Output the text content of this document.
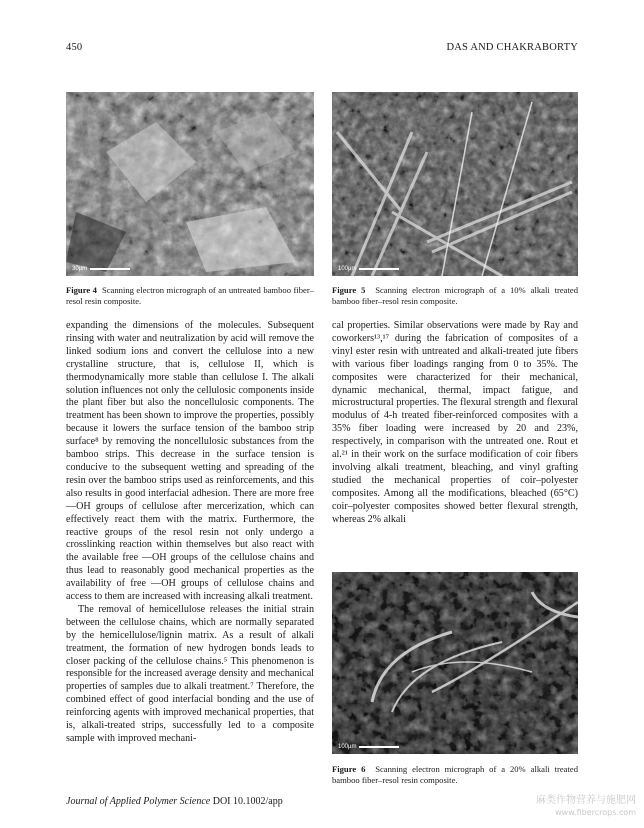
450	DAS AND CHAKRABORTY
30μm	100μm
Figure 4 Scanning electron micrograph of an untreated bamboo fiber–resol resin composite.
Figure 5 Scanning electron micrograph of a 10% alkali treated bamboo fiber–resol resin composite.

expanding the dimensions of the molecules. Subsequent rinsing with water and neutralization by acid will remove the linked sodium ions and convert the cellulose into a new crystalline structure, that is, cellulose II, which is thermodynamically more stable than cellulose I. The alkali solution influences not only the cellulosic components inside the plant fiber but also the noncellulosic components. The treatment has been shown to improve the properties, possibly because it lowers the surface tension of the bamboo strip surface⁸ by removing the noncellulosic substances from the bamboo strips. This decrease in the surface tension is conducive to the subsequent wetting and spreading of the resin over the bamboo strips used as reinforcements, and this also results in good interfacial adhesion. There are more free —OH groups of cellulose after mercerization, which can effectively react them with the matrix. Furthermore, the reactive groups of the resol resin not only undergo a crosslinking reaction within themselves but also react with the available free —OH groups of the cellulose chains and thus lead to reasonably good mechanical properties as the availability of free —OH groups of cellulose chains and access to them are increased with increasing alkali treatment.

The removal of hemicellulose releases the initial strain between the cellulose chains, which are normally separated by the hemicellulose/lignin matrix. As a result of alkali treatment, the formation of new hydrogen bonds leads to closer packing of the cellulose chains.⁵ This phenomenon is responsible for the increased average density and mechanical properties of samples due to alkali treatment.⁷ Therefore, the combined effect of good interfacial bonding and the use of reinforcing agents with improved mechanical properties, that is, alkali-treated strips, successfully led to a composite sample with improved mechani-

cal properties. Similar observations were made by Ray and coworkers¹³,¹⁷ during the fabrication of composites of a vinyl ester resin with untreated and alkali-treated jute fibers with various fiber loadings ranging from 0 to 35%. The composites were characterized for their mechanical, dynamic mechanical, thermal, impact fatigue, and microstructural properties. The flexural strength and flexural modulus of 4-h treated fiber-reinforced composites with a 35% fiber loading were increased by 20 and 23%, respectively, in comparison with the untreated one. Rout et al.²¹ in their work on the surface modification of coir fibers involving alkali treatment, bleaching, and vinyl grafting studied the mechanical properties of coir–polyester composites. Among all the modifications, bleached (65°C) coir–polyester composites showed better flexural strength, whereas 2% alkali

100μm
Figure 6 Scanning electron micrograph of a 20% alkali treated bamboo fiber–resol resin composite.
Journal of Applied Polymer Science DOI 10.1002/app	麻类作物营养与施肥网
www.fibercrops.com
